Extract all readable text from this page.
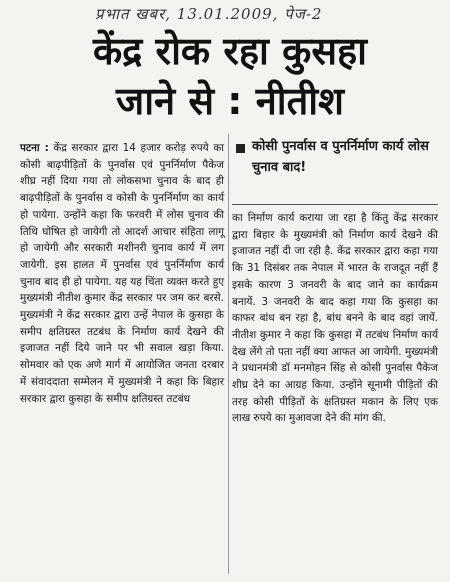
प्रभात खबर, 13.01.2009, पेज-2
केंद्र रोक रहा कुसहा
जाने से : नीतीश
पटना : केंद्र सरकार द्वारा 14 हजार करोड़ रुपये का कोसी बाढ़पीड़ितों के पुनर्वास एवं पुनर्निर्माण पैकेज शीघ्र नहीं दिया गया तो लोकसभा चुनाव के बाद ही बाढ़पीड़ितों के पुनर्वास व कोसी के पुनर्निर्माण का कार्य हो पायेगा. उन्होंने कहा कि फरवरी में लोस चुनाव की तिथि घोषित हो जायेगी तो आदर्श आचार संहिता लागू हो जायेगी और सरकारी मशीनरी चुनाव कार्य में लग जायेगी. इस हालत में पुनर्वास एवं पुनर्निर्माण कार्य चुनाव बाद ही हो पायेगा. यह यह चिंता व्यक्त करते हुए मुख्यमंत्री नीतीश कुमार केंद्र सरकार पर जम कर बरसे. मुख्यमंत्री ने केंद्र सरकार द्वारा उन्हें नेपाल के कुसहा के समीप क्षतिग्रस्त तटबंध के निर्माण कार्य देखने की इजाजत नहीं दिये जाने पर भी सवाल खड़ा किया. सोमवार को एक अणे मार्ग में आयोजित जनता दरबार में संवाददाता सम्मेलन में मुख्यमंत्री ने कहा कि बिहार सरकार द्वारा कुसहा के समीप क्षतिग्रस्त तटबंध
कोसी पुनर्वास व पुनर्निर्माण कार्य लोस चुनाव बाद!
का निर्माण कार्य कराया जा रहा है किंतु केंद्र सरकार द्वारा बिहार के मुख्यमंत्री को निर्माण कार्य देखने की इजाजत नहीं दी जा रही है. केंद्र सरकार द्वारा कहा गया कि 31 दिसंबर तक नेपाल में भारत के राजदूत नहीं हैं इसके कारण 3 जनवरी के बाद जाने का कार्यक्रम बनायें. 3 जनवरी के बाद कहा गया कि कुसहा का काफर बांध बन रहा है, बांध बनने के बाद वहां जायें. नीतीश कुमार ने कहा कि कुसहा में तटबंध निर्माण कार्य देख लेंगे तो पता नहीं क्या आफत आ जायेगी. मुख्यमंत्री ने प्रधानमंत्री डॉ मनमोहन सिंह से कोसी पुनर्वास पैकेज शीघ्र देने का आग्रह किया. उन्होंने सूनामी पीड़ितों की तरह कोसी पीड़ितों के क्षतिग्रस्त मकान के लिए एक लाख रुपये का मुआवजा देने की मांग की.
